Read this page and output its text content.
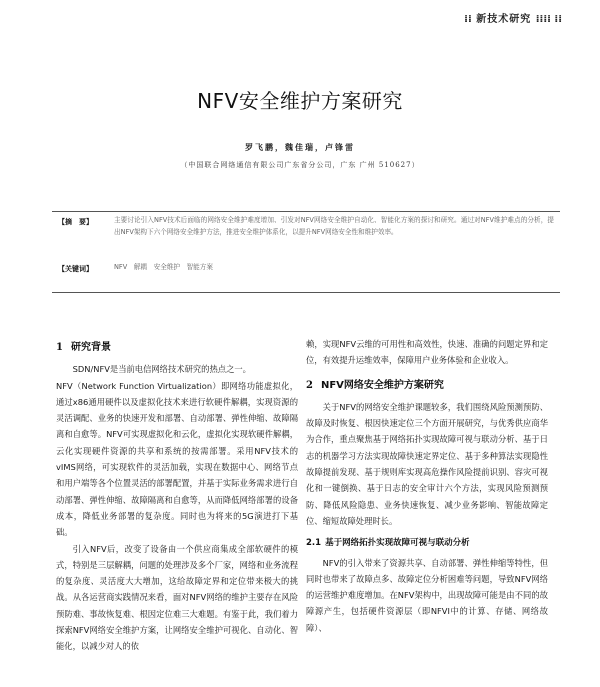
⁞⁞ 新技术研究 ⁞⁞⁞⁞ ⁞⁞
NFV安全维护方案研究
罗飞鹏，魏佳瑞，卢锋雷
（中国联合网络通信有限公司广东省分公司，广东 广州 510627）
【摘　要】	主要讨论引入NFV技术后面临的网络安全维护难度增加、引发对NFV网络安全维护自动化、智能化方案的探讨和研究。通过对NFV维护难点的分析，提出NFV架构下六个网络安全维护方法，推进安全维护体系化，以提升NFV网络安全性和维护效率。
【关键词】	NFV　解耦　安全维护　智能方案
1 研究背景

SDN/NFV是当前电信网络技术研究的热点之一。

NFV（Network Function Virtualization）即网络功能虚拟化，通过x86通用硬件以及虚拟化技术来进行软硬件解耦，实现资源的灵活调配、业务的快速开发和部署、自动部署、弹性伸缩、故障隔离和自愈等。NFV可实现虚拟化和云化，虚拟化实现软硬件解耦，云化实现硬件资源的共享和系统的按需部署。采用NFV技术的vIMS网络，可实现软件的灵活加载，实现在数据中心、网络节点和用户端等各个位置灵活的部署配置，并基于实际业务需求进行自动部署、弹性伸缩、故障隔离和自愈等，从而降低网络部署的设备成本，降低业务部署的复杂度。同时也为将来的5G演进打下基础。

引入NFV后，改变了设备由一个供应商集成全部软硬件的模式，特别是三层解耦，问题的处理涉及多个厂家，网络和业务流程的复杂度、灵活度大大增加，这给故障定界和定位带来极大的挑战。从各运营商实践情况来看，面对NFV网络的维护主要存在风险预防难、事故恢复难、根因定位难三大难题。有鉴于此，我们着力探索NFV网络安全维护方案，让网络安全维护可视化、自动化、智能化，以减少对人的依

赖，实现NFV云维的可用性和高效性，快速、准确的问题定界和定位，有效提升运维效率，保障用户业务体验和企业收入。

2 NFV网络安全维护方案研究

关于NFV的网络安全维护课题较多，我们围绕风险预测预防、故障及时恢复、根因快速定位三个方面开展研究，与优秀供应商华为合作，重点聚焦基于网络拓扑实现故障可视与联动分析、基于日志的机器学习方法实现故障快速定界定位、基于多种算法实现隐性故障提前发现、基于规则库实现高危操作风险提前识别、容灾可视化和一键倒换、基于日志的安全审计六个方法，实现风险预测预防、降低风险隐患、业务快速恢复、减少业务影响、智能故障定位、缩短故障处理时长。

2.1 基于网络拓扑实现故障可视与联动分析

NFV的引入带来了资源共享、自动部署、弹性伸缩等特性，但同时也带来了故障点多、故障定位分析困难等问题，导致NFV网络的运营维护难度增加。在NFV架构中，出现故障可能是由不同的故障源产生，包括硬件资源层（即NFVI中的计算、存储、网络故障）、
